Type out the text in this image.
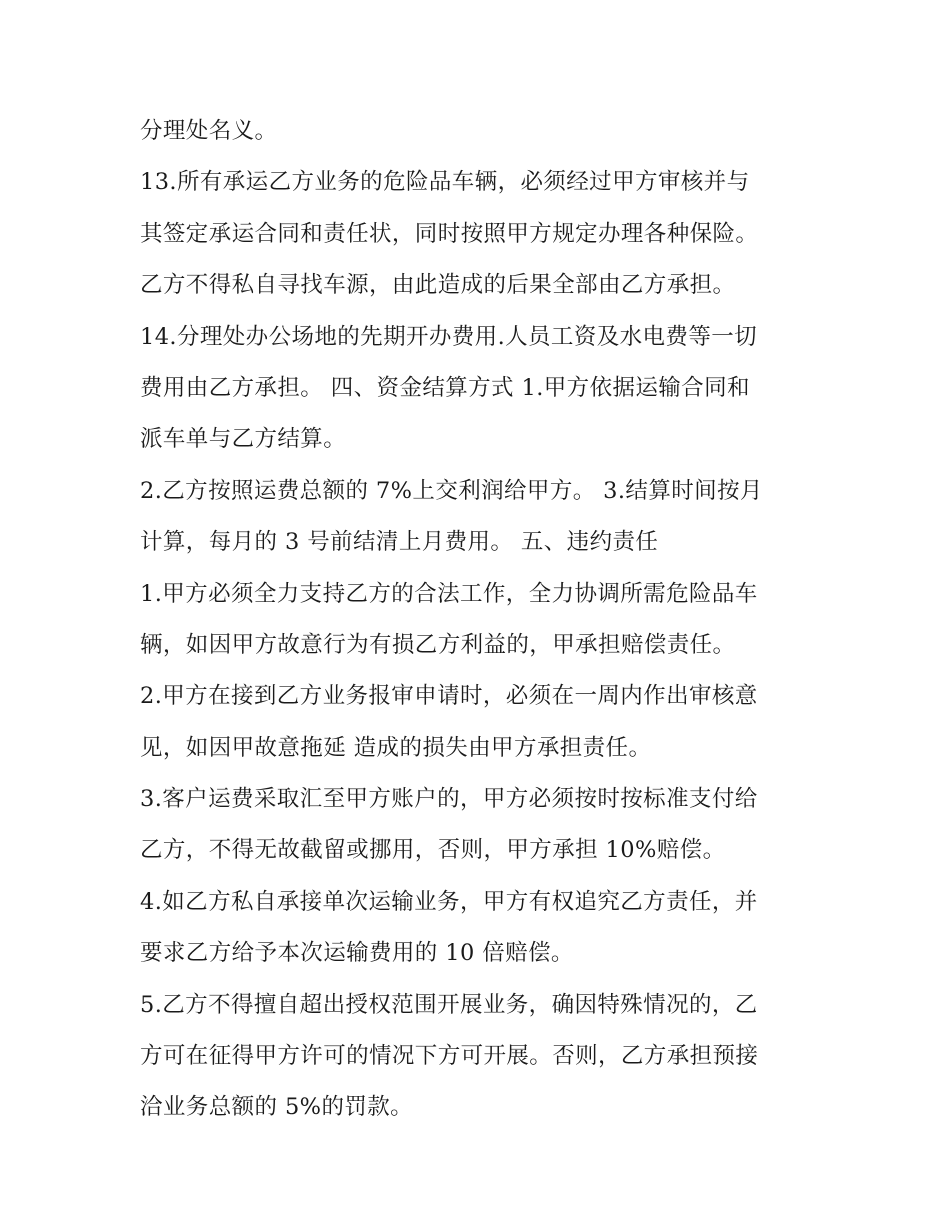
分理处名义。
13.所有承运乙方业务的危险品车辆，必须经过甲方审核并与
其签定承运合同和责任状，同时按照甲方规定办理各种保险。
乙方不得私自寻找车源，由此造成的后果全部由乙方承担。
14.分理处办公场地的先期开办费用.人员工资及水电费等一切
费用由乙方承担。 四、资金结算方式 1.甲方依据运输合同和
派车单与乙方结算。
2.乙方按照运费总额的 7%上交利润给甲方。 3.结算时间按月
计算，每月的 3 号前结清上月费用。 五、违约责任
1.甲方必须全力支持乙方的合法工作，全力协调所需危险品车
辆，如因甲方故意行为有损乙方利益的，甲承担赔偿责任。
2.甲方在接到乙方业务报审申请时，必须在一周内作出审核意
见，如因甲故意拖延 造成的损失由甲方承担责任。
3.客户运费采取汇至甲方账户的，甲方必须按时按标准支付给
乙方，不得无故截留或挪用，否则，甲方承担 10%赔偿。
4.如乙方私自承接单次运输业务，甲方有权追究乙方责任，并
要求乙方给予本次运输费用的 10 倍赔偿。
5.乙方不得擅自超出授权范围开展业务，确因特殊情况的，乙
方可在征得甲方许可的情况下方可开展。否则，乙方承担预接
洽业务总额的 5%的罚款。
